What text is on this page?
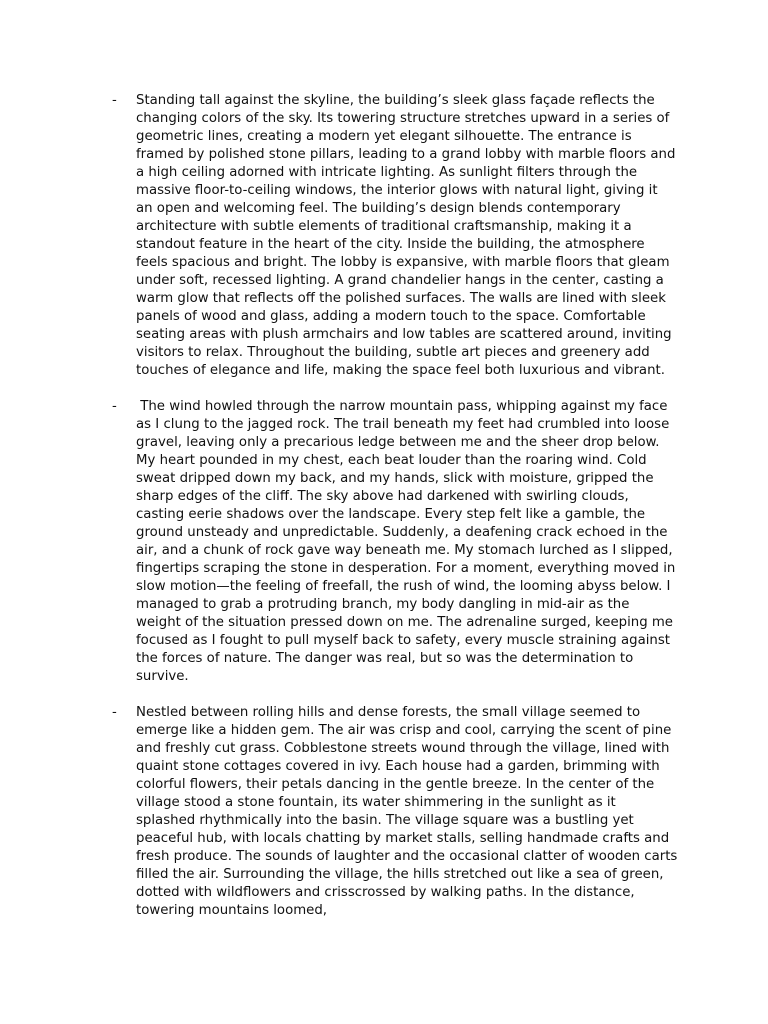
- Standing tall against the skyline, the building’s sleek glass façade reflects the changing colors of the sky. Its towering structure stretches upward in a series of geometric lines, creating a modern yet elegant silhouette. The entrance is framed by polished stone pillars, leading to a grand lobby with marble floors and a high ceiling adorned with intricate lighting. As sunlight filters through the massive floor-to-ceiling windows, the interior glows with natural light, giving it an open and welcoming feel. The building’s design blends contemporary architecture with subtle elements of traditional craftsmanship, making it a standout feature in the heart of the city. Inside the building, the atmosphere feels spacious and bright. The lobby is expansive, with marble floors that gleam under soft, recessed lighting. A grand chandelier hangs in the center, casting a warm glow that reflects off the polished surfaces. The walls are lined with sleek panels of wood and glass, adding a modern touch to the space. Comfortable seating areas with plush armchairs and low tables are scattered around, inviting visitors to relax. Throughout the building, subtle art pieces and greenery add touches of elegance and life, making the space feel both luxurious and vibrant.

- The wind howled through the narrow mountain pass, whipping against my face as I clung to the jagged rock. The trail beneath my feet had crumbled into loose gravel, leaving only a precarious ledge between me and the sheer drop below. My heart pounded in my chest, each beat louder than the roaring wind. Cold sweat dripped down my back, and my hands, slick with moisture, gripped the sharp edges of the cliff. The sky above had darkened with swirling clouds, casting eerie shadows over the landscape. Every step felt like a gamble, the ground unsteady and unpredictable. Suddenly, a deafening crack echoed in the air, and a chunk of rock gave way beneath me. My stomach lurched as I slipped, fingertips scraping the stone in desperation. For a moment, everything moved in slow motion—the feeling of freefall, the rush of wind, the looming abyss below. I managed to grab a protruding branch, my body dangling in mid-air as the weight of the situation pressed down on me. The adrenaline surged, keeping me focused as I fought to pull myself back to safety, every muscle straining against the forces of nature. The danger was real, but so was the determination to survive.

- Nestled between rolling hills and dense forests, the small village seemed to emerge like a hidden gem. The air was crisp and cool, carrying the scent of pine and freshly cut grass. Cobblestone streets wound through the village, lined with quaint stone cottages covered in ivy. Each house had a garden, brimming with colorful flowers, their petals dancing in the gentle breeze. In the center of the village stood a stone fountain, its water shimmering in the sunlight as it splashed rhythmically into the basin. The village square was a bustling yet peaceful hub, with locals chatting by market stalls, selling handmade crafts and fresh produce. The sounds of laughter and the occasional clatter of wooden carts filled the air. Surrounding the village, the hills stretched out like a sea of green, dotted with wildflowers and crisscrossed by walking paths. In the distance, towering mountains loomed,
